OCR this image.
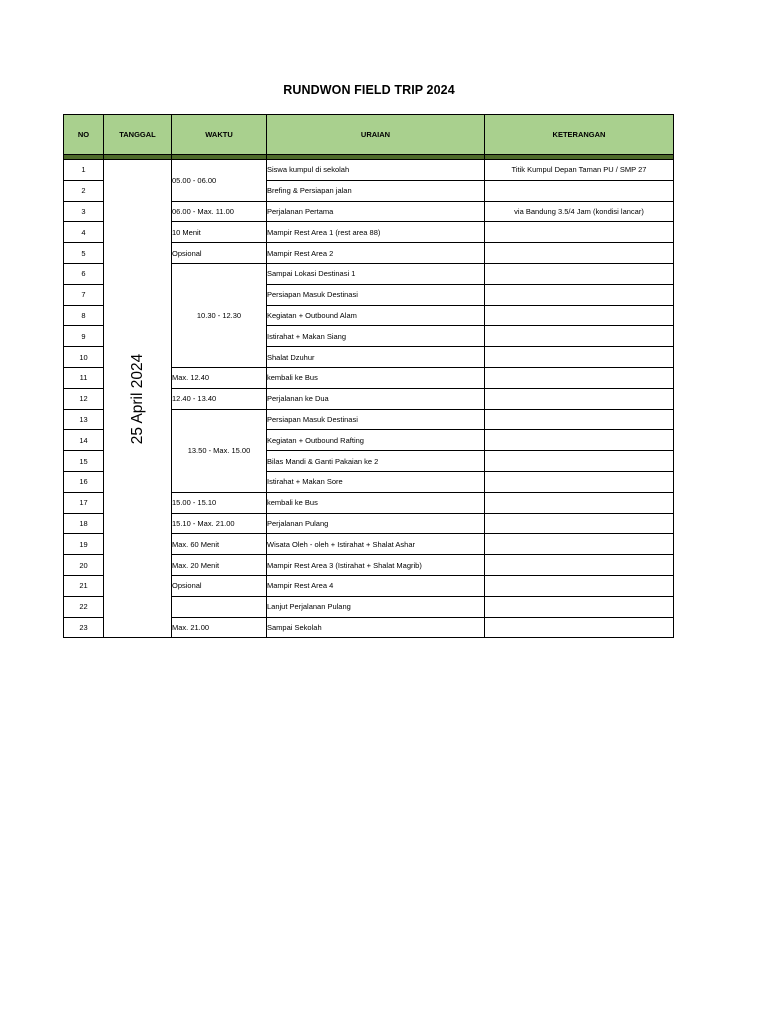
RUNDWON FIELD TRIP 2024
NO	TANGGAL	WAKTU	URAIAN	KETERANGAN

1	25 April 2024	05.00 - 06.00	Siswa kumpul di sekolah	Titik Kumpul Depan Taman PU / SMP 27
2			Brefing & Persiapan jalan	
3		06.00 - Max. 11.00	Perjalanan Pertama	via Bandung 3.5/4 Jam (kondisi lancar)
4		10 Menit	Mampir Rest Area 1 (rest area 88)	
5		Opsional	Mampir Rest Area 2	
6		10.30 - 12.30	Sampai Lokasi Destinasi 1	
7			Persiapan Masuk Destinasi	
8			Kegiatan + Outbound Alam	
9			Istirahat + Makan Siang	
10			Shalat Dzuhur	
11		Max. 12.40	kembali ke Bus	
12		12.40 - 13.40	Perjalanan ke Dua	
13		13.50 - Max. 15.00	Persiapan Masuk Destinasi	
14			Kegiatan + Outbound Rafting	
15			Bilas Mandi & Ganti Pakaian ke 2	
16			Istirahat + Makan Sore	
17		15.00 - 15.10	kembali ke Bus	
18		15.10 - Max. 21.00	Perjalanan Pulang	
19		Max. 60 Menit	Wisata Oleh - oleh + Istirahat + Shalat Ashar	
20		Max. 20 Menit	Mampir Rest Area 3 (Istirahat + Shalat Magrib)	
21		Opsional	Mampir Rest Area 4	
22			Lanjut Perjalanan Pulang	
23		Max. 21.00	Sampai Sekolah	
